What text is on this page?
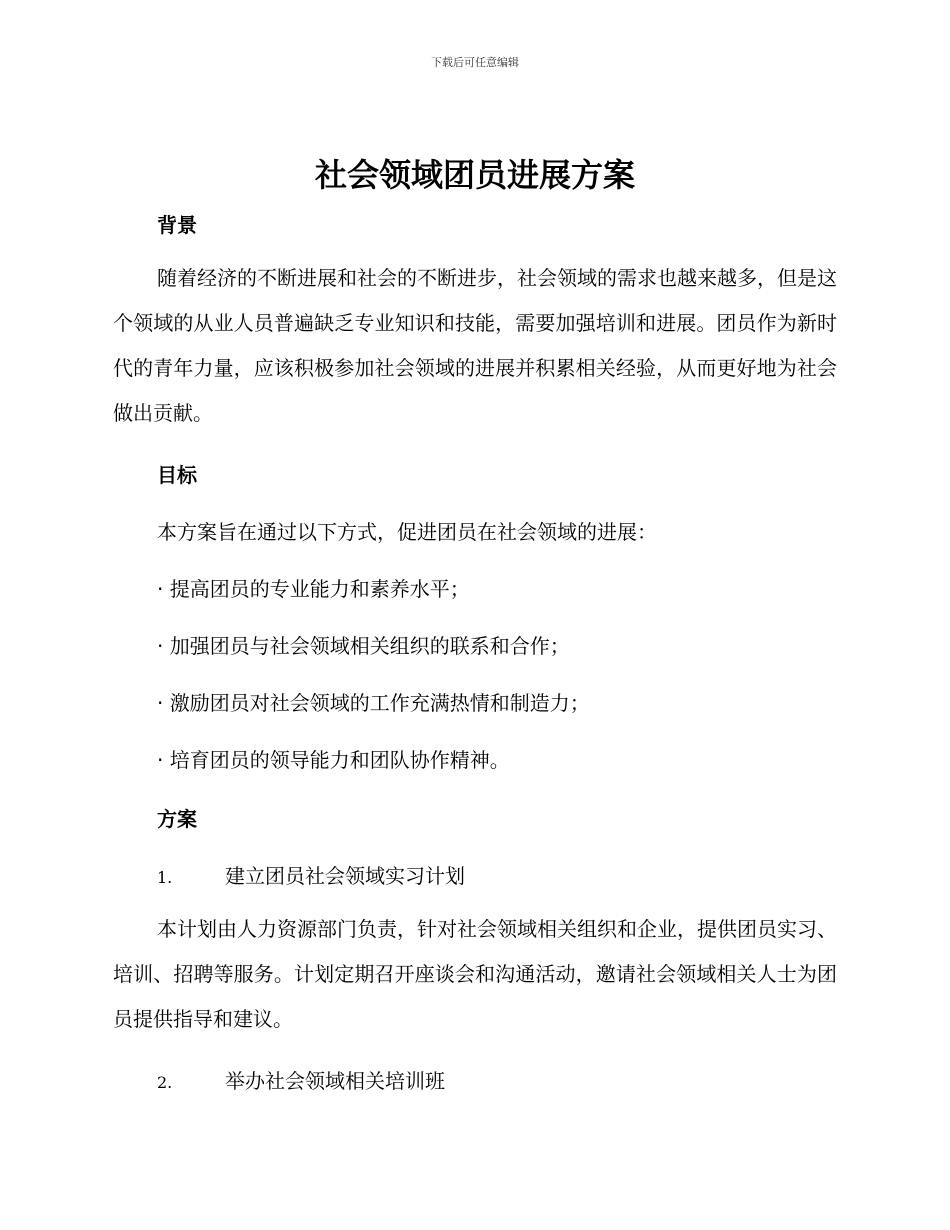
下载后可任意编辑
社会领域团员进展方案
背景
随着经济的不断进展和社会的不断进步，社会领域的需求也越来越多，但是这个领域的从业人员普遍缺乏专业知识和技能，需要加强培训和进展。团员作为新时代的青年力量，应该积极参加社会领域的进展并积累相关经验，从而更好地为社会做出贡献。
目标
本方案旨在通过以下方式，促进团员在社会领域的进展：
· 提高团员的专业能力和素养水平；
· 加强团员与社会领域相关组织的联系和合作；
· 激励团员对社会领域的工作充满热情和制造力；
· 培育团员的领导能力和团队协作精神。
方案
1.	建立团员社会领域实习计划
本计划由人力资源部门负责，针对社会领域相关组织和企业，提供团员实习、培训、招聘等服务。计划定期召开座谈会和沟通活动，邀请社会领域相关人士为团员提供指导和建议。
2.	举办社会领域相关培训班
